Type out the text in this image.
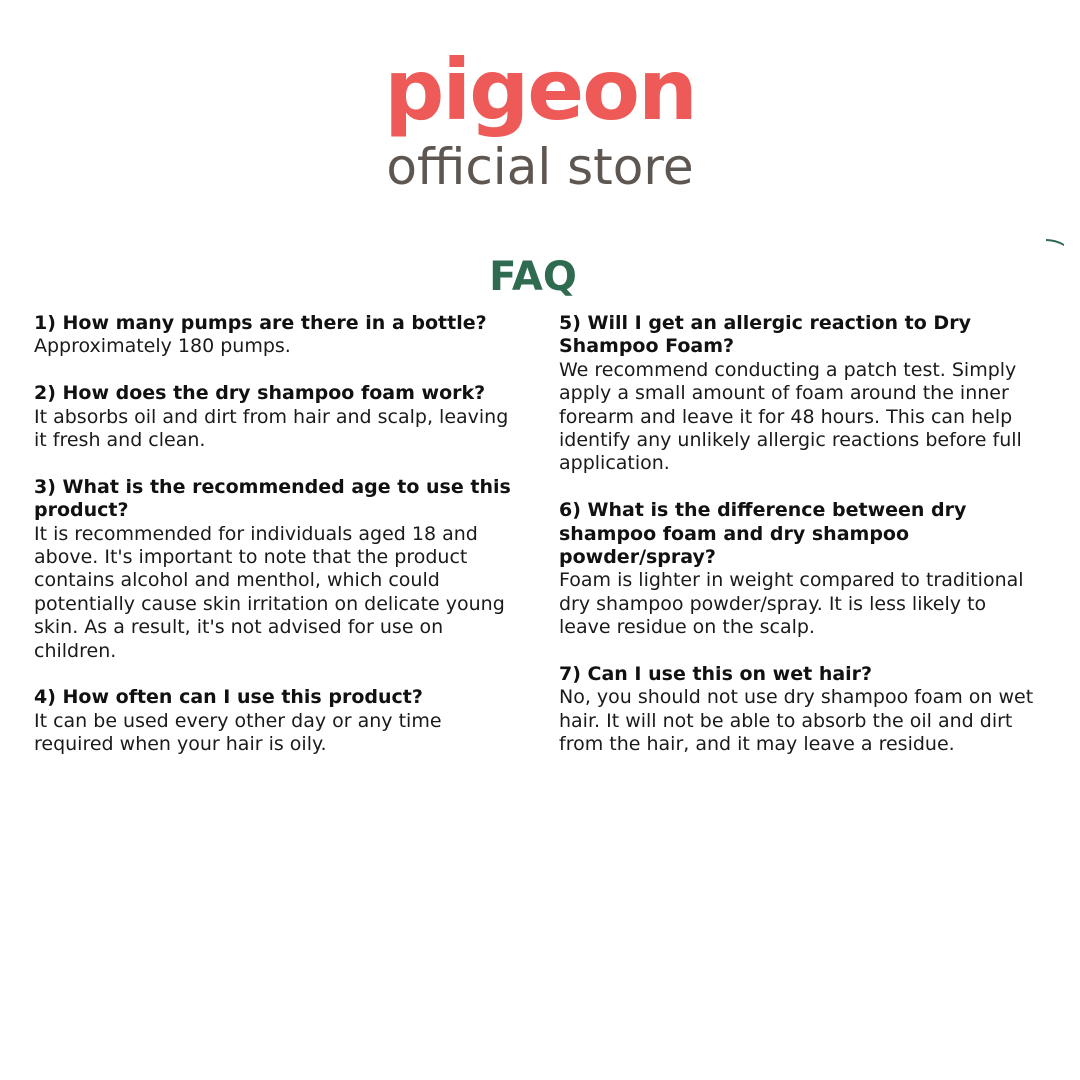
pigeon
official store
FAQ

1) How many pumps are there in a bottle?

Approximately 180 pumps.

2) How does the dry shampoo foam work?

It absorbs oil and dirt from hair and scalp, leaving
it fresh and clean.

3) What is the recommended age to use this product?

It is recommended for individuals aged 18 and
above. It's important to note that the product
contains alcohol and menthol, which could
potentially cause skin irritation on delicate young
skin. As a result, it's not advised for use on
children.

4) How often can I use this product?

It can be used every other day or any time
required when your hair is oily.

5) Will I get an allergic reaction to Dry Shampoo Foam?

We recommend conducting a patch test. Simply
apply a small amount of foam around the inner
forearm and leave it for 48 hours. This can help
identify any unlikely allergic reactions before full
application.

6) What is the difference between dry shampoo foam and dry shampoo powder/spray?

Foam is lighter in weight compared to traditional
dry shampoo powder/spray. It is less likely to
leave residue on the scalp.

7) Can I use this on wet hair?

No, you should not use dry shampoo foam on wet
hair. It will not be able to absorb the oil and dirt
from the hair, and it may leave a residue.
